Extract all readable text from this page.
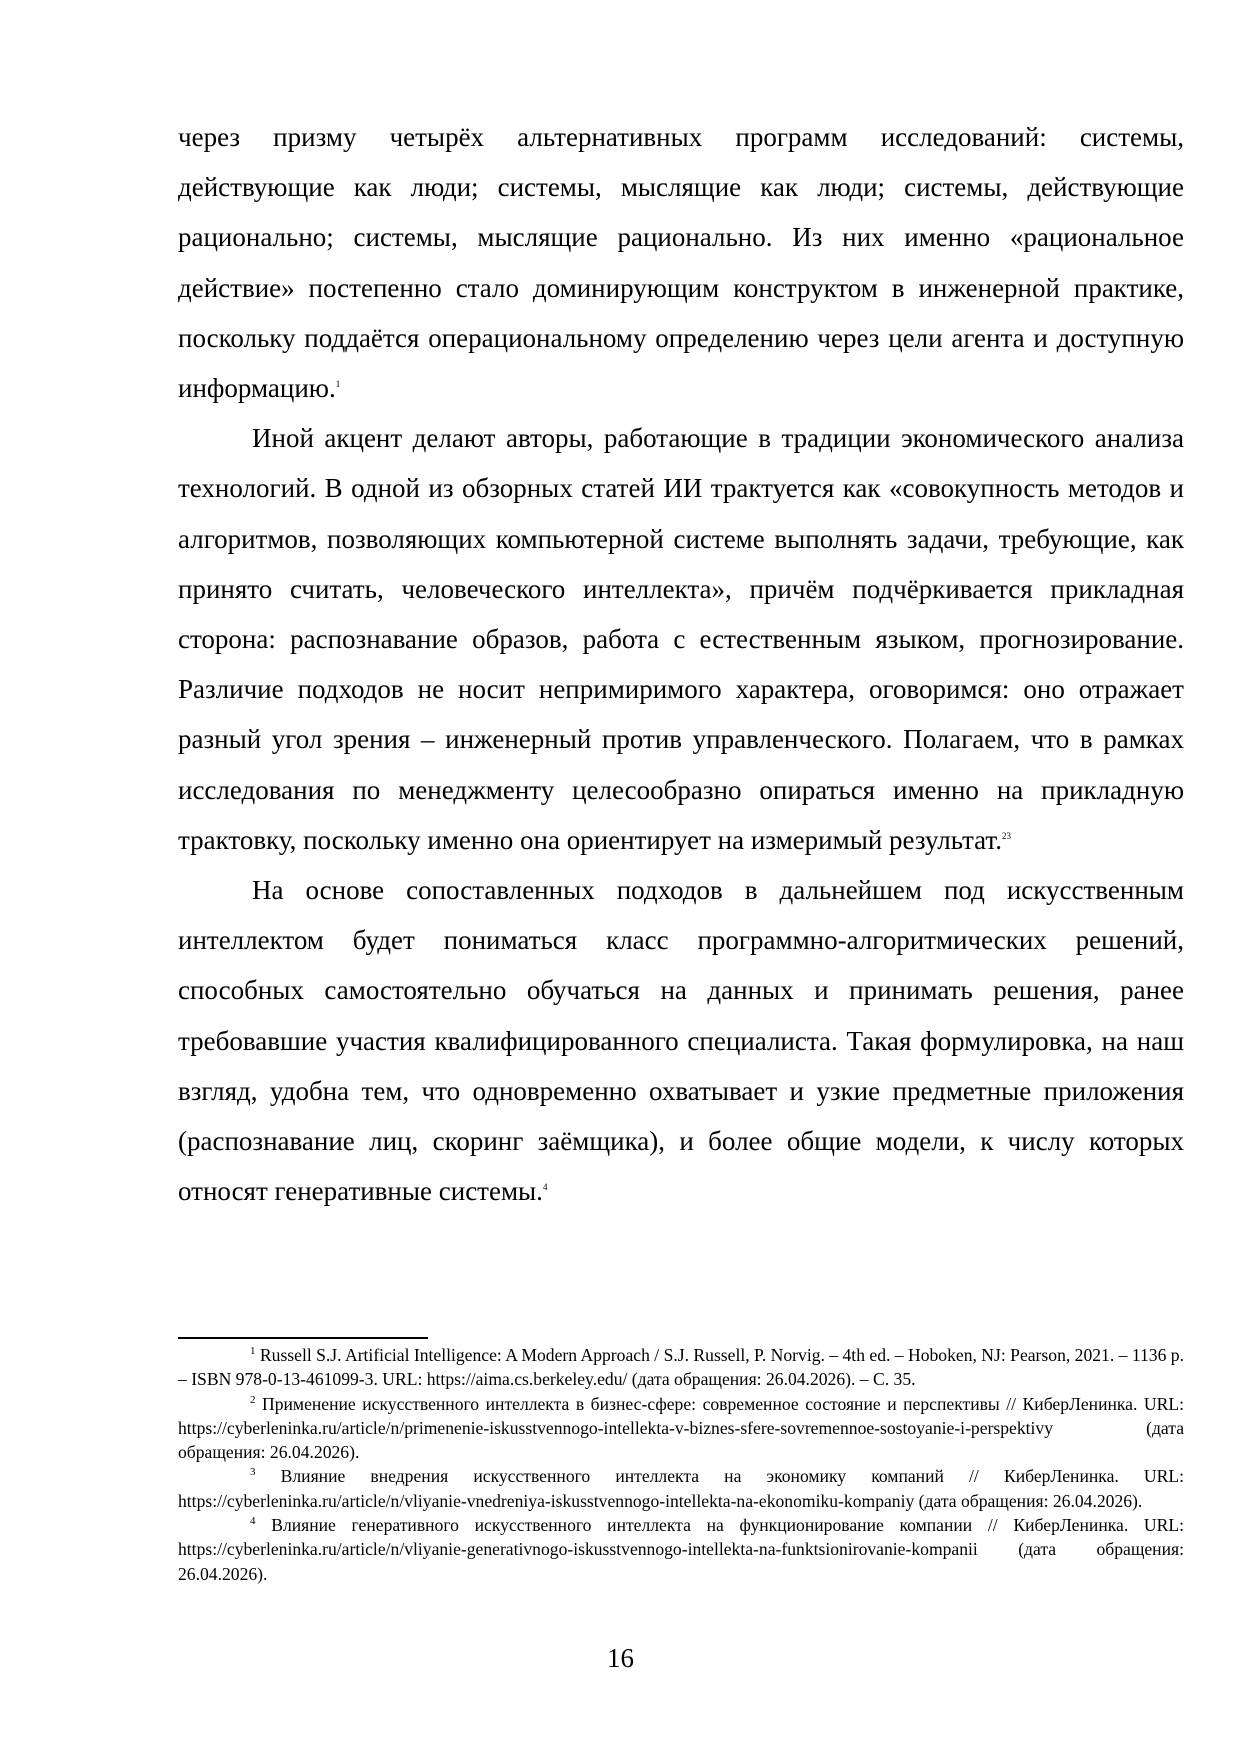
через призму четырёх альтернативных программ исследований: системы, действующие как люди; системы, мыслящие как люди; системы, действующие рационально; системы, мыслящие рационально. Из них именно «рациональное действие» постепенно стало доминирующим конструктом в инженерной практике, поскольку поддаётся операциональному определению через цели агента и доступную информацию.$^1$

Иной акцент делают авторы, работающие в традиции экономического анализа технологий. В одной из обзорных статей ИИ трактуется как «совокупность методов и алгоритмов, позволяющих компьютерной системе выполнять задачи, требующие, как принято считать, человеческого интеллекта», причём подчёркивается прикладная сторона: распознавание образов, работа с естественным языком, прогнозирование. Различие подходов не носит непримиримого характера, оговоримся: оно отражает разный угол зрения – инженерный против управленческого. Полагаем, что в рамках исследования по менеджменту целесообразно опираться именно на прикладную трактовку, поскольку именно она ориентирует на измеримый результат.$^{23}$

На основе сопоставленных подходов в дальнейшем под искусственным интеллектом будет пониматься класс программно-алгоритмических решений, способных самостоятельно обучаться на данных и принимать решения, ранее требовавшие участия квалифицированного специалиста. Такая формулировка, на наш взгляд, удобна тем, что одновременно охватывает и узкие предметные приложения (распознавание лиц, скоринг заёмщика), и более общие модели, к числу которых относят генеративные системы.$^4$

$^1$ Russell S.J. Artificial Intelligence: A Modern Approach / S.J. Russell, P. Norvig. – 4th ed. – Hoboken, NJ: Pearson, 2021. – 1136 p. – ISBN 978-0-13-461099-3. URL: https://aima.cs.berkeley.edu/ (дата обращения: 26.04.2026). – С. 35.

$^2$ Применение искусственного интеллекта в бизнес-сфере: современное состояние и перспективы // КиберЛенинка. URL: https://cyberleninka.ru/article/n/primenenie-iskusstvennogo-intellekta-v-biznes-sfere-sovremennoe-sostoyanie-i-perspektivy (дата обращения: 26.04.2026).

$^3$ Влияние внедрения искусственного интеллекта на экономику компаний // КиберЛенинка. URL: https://cyberleninka.ru/article/n/vliyanie-vnedreniya-iskusstvennogo-intellekta-na-ekonomiku-kompaniy (дата обращения: 26.04.2026).

$^4$ Влияние генеративного искусственного интеллекта на функционирование компании // КиберЛенинка. URL: https://cyberleninka.ru/article/n/vliyanie-generativnogo-iskusstvennogo-intellekta-na-funktsionirovanie-kompanii (дата обращения: 26.04.2026).

16
